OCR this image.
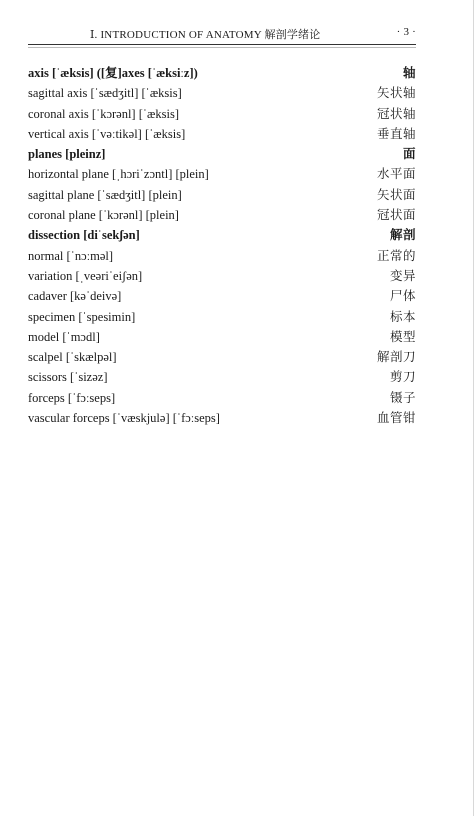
Ⅰ. INTRODUCTION OF ANATOMY 解剖学绪论	· 3 ·
axis [ˈæksis] ([复]axes [ˈæksiːz])	轴
sagittal axis [ˈsædʒitl] [ˈæksis]	矢状轴
coronal axis [ˈkɔrənl] [ˈæksis]	冠状轴
vertical axis [ˈvəːtikəl] [ˈæksis]	垂直轴
planes [pleinz]	面
horizontal plane [ˌhɔriˈzɔntl] [plein]	水平面
sagittal plane [ˈsædʒitl] [plein]	矢状面
coronal plane [ˈkɔrənl] [plein]	冠状面
dissection [diˈsekʃən]	解剖
normal [ˈnɔːməl]	正常的
variation [ˌveəriˈeiʃən]	变异
cadaver [kəˈdeivə]	尸体
specimen [ˈspesimin]	标本
model [ˈmɔdl]	模型
scalpel [ˈskælpəl]	解剖刀
scissors [ˈsizəz]	剪刀
forceps [ˈfɔːseps]	镊子
vascular forceps [ˈvæskjulə] [ˈfɔːseps]	血管钳
